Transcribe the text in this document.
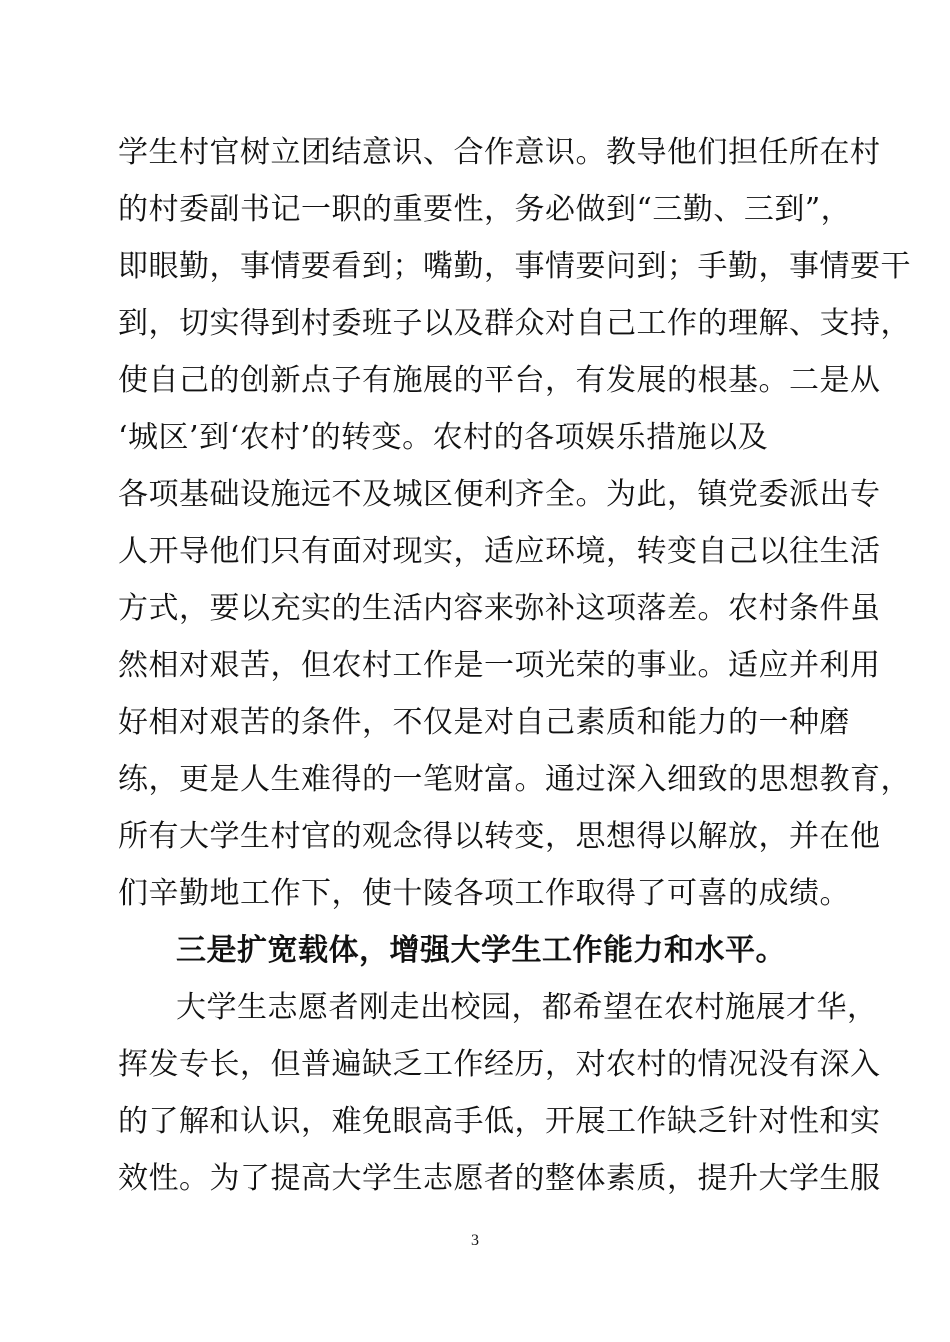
学生村官树立团结意识、合作意识。教导他们担任所在村
的村委副书记一职的重要性，务必做到“三勤、三到”，
即眼勤，事情要看到；嘴勤，事情要问到；手勤，事情要干
到，切实得到村委班子以及群众对自己工作的理解、支持，
使自己的创新点子有施展的平台，有发展的根基。二是从
‘城区’到‘农村’的转变。农村的各项娱乐措施以及
各项基础设施远不及城区便利齐全。为此，镇党委派出专
人开导他们只有面对现实，适应环境，转变自己以往生活
方式，要以充实的生活内容来弥补这项落差。农村条件虽
然相对艰苦，但农村工作是一项光荣的事业。适应并利用
好相对艰苦的条件，不仅是对自己素质和能力的一种磨
练，更是人生难得的一笔财富。通过深入细致的思想教育，
所有大学生村官的观念得以转变，思想得以解放，并在他
们辛勤地工作下，使十陵各项工作取得了可喜的成绩。
三是扩宽载体，增强大学生工作能力和水平。
大学生志愿者刚走出校园，都希望在农村施展才华，
挥发专长，但普遍缺乏工作经历，对农村的情况没有深入
的了解和认识，难免眼高手低，开展工作缺乏针对性和实
效性。为了提高大学生志愿者的整体素质，提升大学生服
3
